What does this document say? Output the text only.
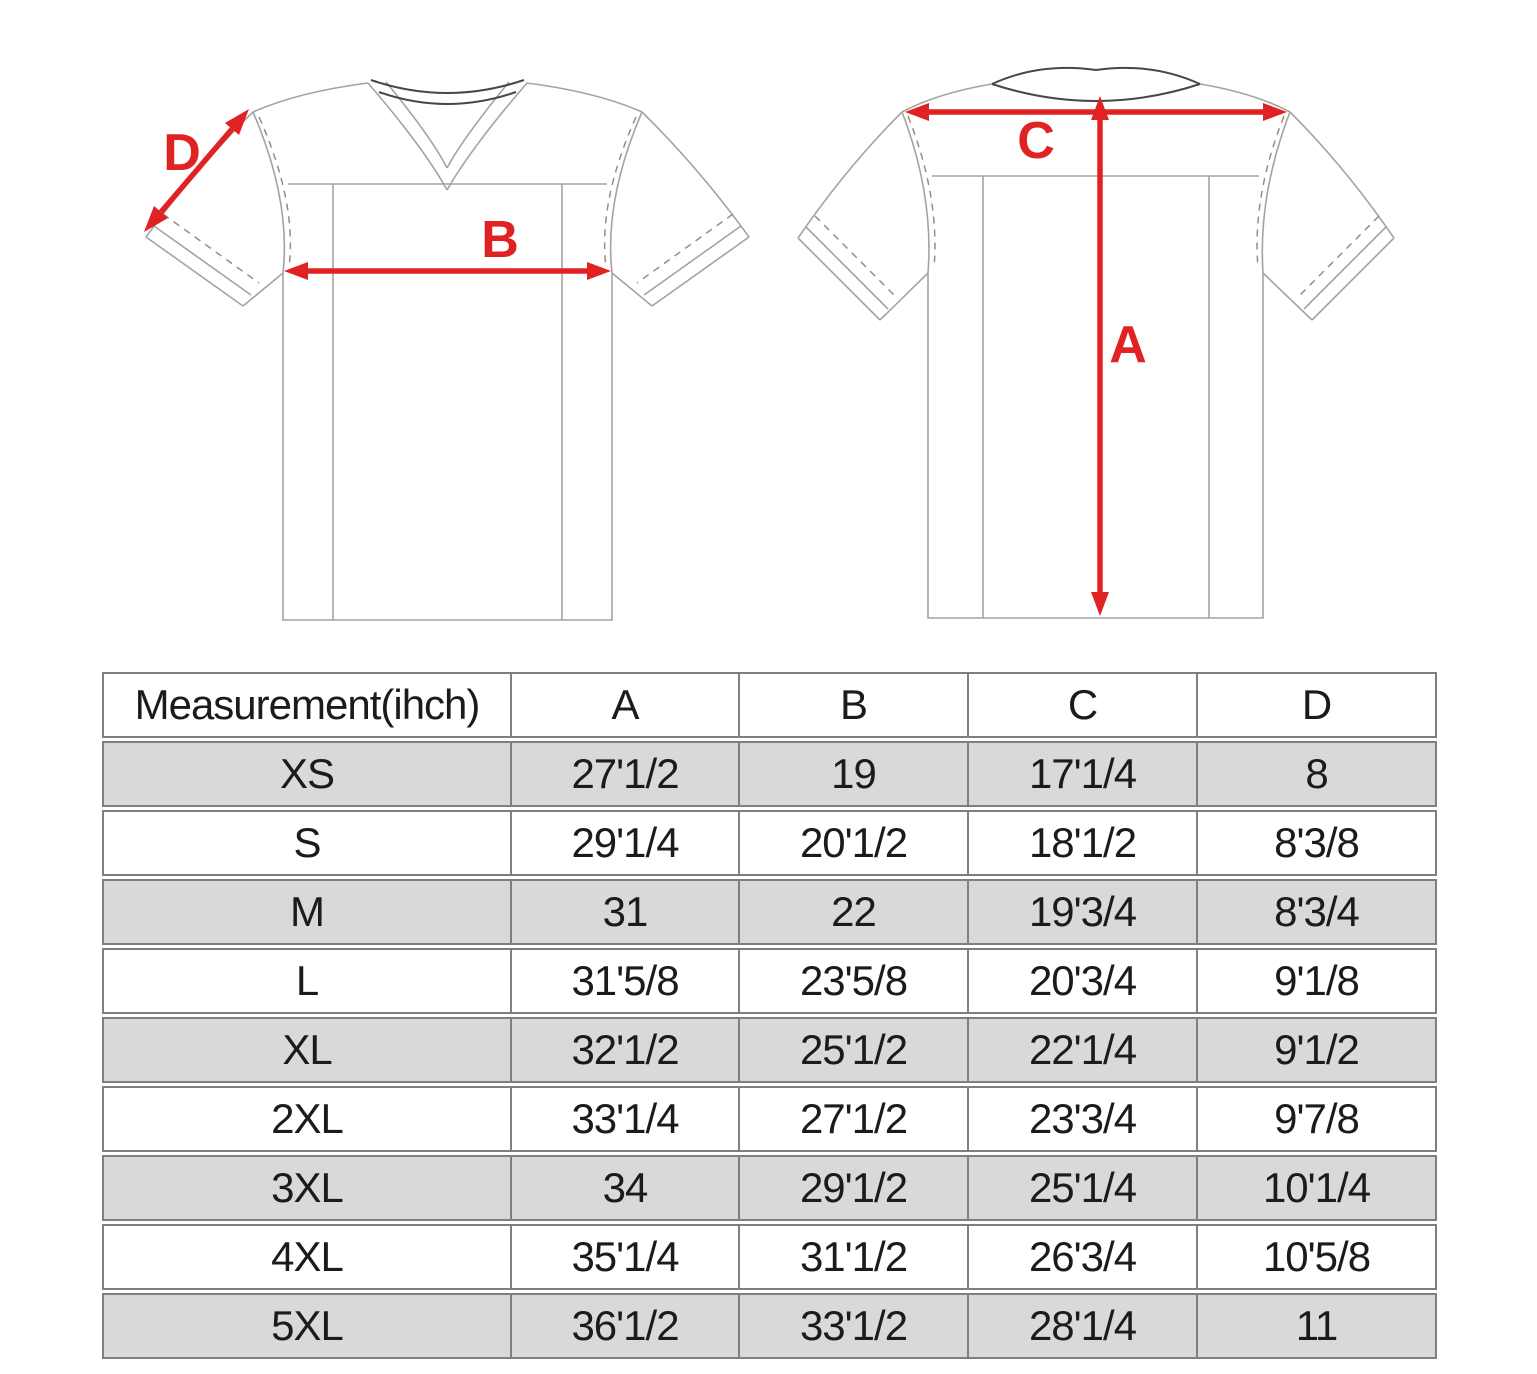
D
B
C
A
Measurement(ihch)	A	B	C	D
XS	27'1/2	19	17'1/4	8
S	29'1/4	20'1/2	18'1/2	8'3/8
M	31	22	19'3/4	8'3/4
L	31'5/8	23'5/8	20'3/4	9'1/8
XL	32'1/2	25'1/2	22'1/4	9'1/2
2XL	33'1/4	27'1/2	23'3/4	9'7/8
3XL	34	29'1/2	25'1/4	10'1/4
4XL	35'1/4	31'1/2	26'3/4	10'5/8
5XL	36'1/2	33'1/2	28'1/4	11
